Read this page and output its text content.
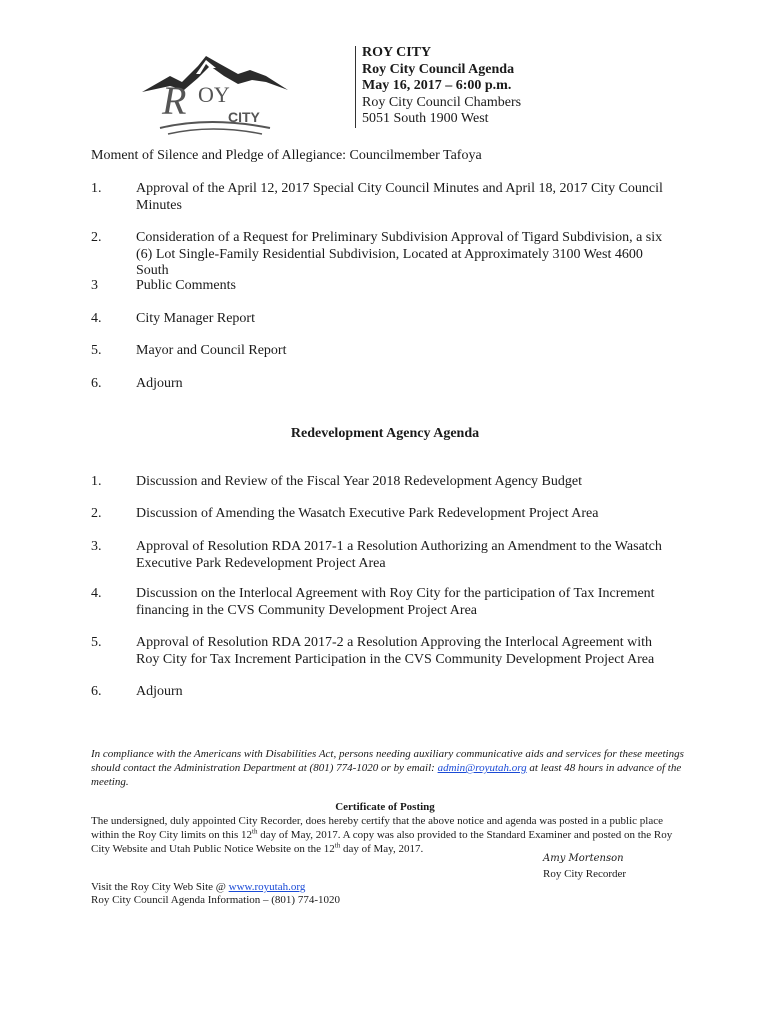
R OY
CITY
ROY CITY
Roy City Council Agenda
May 16, 2017 – 6:00 p.m.
Roy City Council Chambers
5051 South 1900 West
Moment of Silence and Pledge of Allegiance: Councilmember Tafoya
1. Approval of the April 12, 2017 Special City Council Minutes and April 18, 2017 City Council Minutes
2. Consideration of a Request for Preliminary Subdivision Approval of Tigard Subdivision, a six (6) Lot Single-Family Residential Subdivision, Located at Approximately 3100 West 4600 South
3	Public Comments
4. City Manager Report
5. Mayor and Council Report
6. Adjourn
Redevelopment Agency Agenda
1. Discussion and Review of the Fiscal Year 2018 Redevelopment Agency Budget
2. Discussion of Amending the Wasatch Executive Park Redevelopment Project Area
3. Approval of Resolution RDA 2017-1 a Resolution Authorizing an Amendment to the Wasatch Executive Park Redevelopment Project Area
4. Discussion on the Interlocal Agreement with Roy City for the participation of Tax Increment financing in the CVS Community Development Project Area
5. Approval of Resolution RDA 2017-2 a Resolution Approving the Interlocal Agreement with Roy City for Tax Increment Participation in the CVS Community Development Project Area
6. Adjourn
In compliance with the Americans with Disabilities Act, persons needing auxiliary communicative aids and services for these meetings should contact the Administration Department at (801) 774-1020 or by email: admin@royutah.org at least 48 hours in advance of the meeting.
Certificate of Posting
The undersigned, duly appointed City Recorder, does hereby certify that the above notice and agenda was posted in a public place within the Roy City limits on this 12th day of May, 2017. A copy was also provided to the Standard Examiner and posted on the Roy City Website and Utah Public Notice Website on the 12th day of May, 2017.
Amy Mortenson
Roy City Recorder
Visit the Roy City Web Site @ www.royutah.org
Roy City Council Agenda Information – (801) 774-1020
